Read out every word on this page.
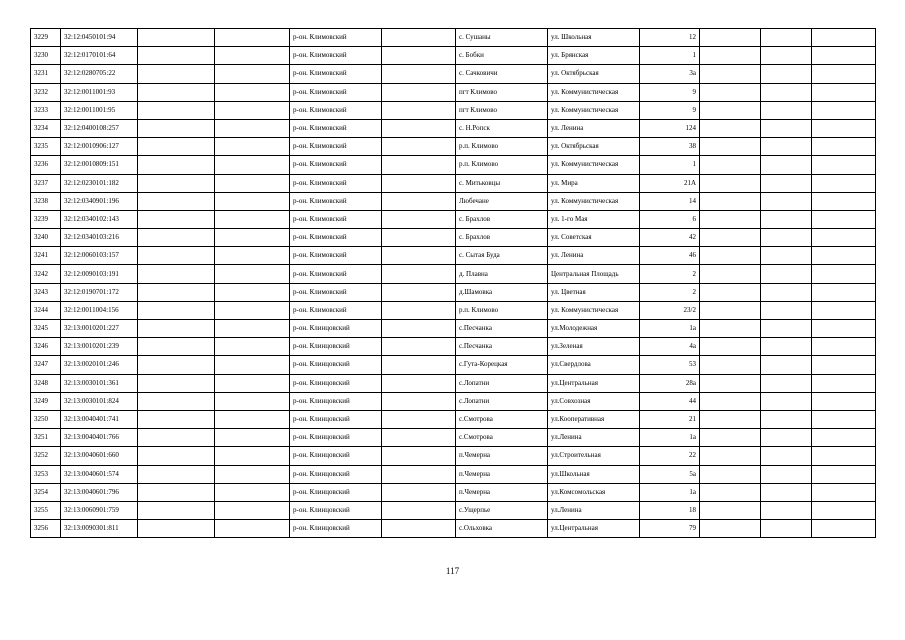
3229	32:12:0450101:94			р-он. Климовский		с. Сушаны	ул. Школьная	12			
3230	32:12:0170101:64			р-он. Климовский		с. Бобки	ул. Брянская	1			
3231	32:12:0280705:22			р-он. Климовский		с. Сачковичи	ул. Октябрьская	3а			
3232	32:12:0011001:93			р-он. Климовский		пгт Климово	ул. Коммунистическая	9			
3233	32:12:0011001:95			р-он. Климовский		пгт Климово	ул. Коммунистическая	9			
3234	32:12:0400108:257			р-он. Климовский		с. Н.Ропск	ул. Ленина	124			
3235	32:12:0010906:127			р-он. Климовский		р.п. Климово	ул. Октябрьская	38			
3236	32:12:0010809:151			р-он. Климовский		р.п. Климово	ул. Коммунистическая	1			
3237	32:12:0230101:182			р-он. Климовский		с. Митьковцы	ул. Мира	21А			
3238	32:12:0340901:196			р-он. Климовский		Любечане	ул. Коммунистическая	14			
3239	32:12:0340102:143			р-он. Климовский		с. Брахлов	ул. 1-го Мая	6			
3240	32:12:0340103:216			р-он. Климовский		с. Брахлов	ул. Советская	42			
3241	32:12:0060103:157			р-он. Климовский		с. Сытая Буда	ул. Ленина	46			
3242	32:12:0090103:191			р-он. Климовский		д. Плавна	Центральная Площадь	2			
3243	32:12:0190701:172			р-он. Климовский		д.Шамовка	ул. Цветная	2			
3244	32:12:0011004:156			р-он. Климовский		р.п. Климово	ул. Коммунистическая	23/2			
3245	32:13:0010201:227			р-он. Клинцовский		с.Песчанка	ул.Молодежная	1а			
3246	32:13:0010201:239			р-он. Клинцовский		с.Песчанка	ул.Зеленая	4а			
3247	32:13:0020101:246			р-он. Клинцовский		с.Гута-Корецкая	ул.Свердлова	53			
3248	32:13:0030101:361			р-он. Клинцовский		с.Лопатни	ул.Центральная	28а			
3249	32:13:0030101:824			р-он. Клинцовский		с.Лопатни	ул.Совхозная	44			
3250	32:13:0040401:741			р-он. Клинцовский		с.Смотрова	ул.Кооперативная	21			
3251	32:13:0040401:766			р-он. Клинцовский		с.Смотрова	ул.Ленина	1а			
3252	32:13:0040601:660			р-он. Клинцовский		п.Чемерна	ул.Строительная	22			
3253	32:13:0040601:574			р-он. Клинцовский		п.Чемерна	ул.Школьная	5а			
3254	32:13:0040601:796			р-он. Клинцовский		п.Чемерна	ул.Комсомольская	1а			
3255	32:13:0060901:759			р-он. Клинцовский		с.Ущерпье	ул.Ленина	18			
3256	32:13:0090301:811			р-он. Клинцовский		с.Ольховка	ул.Центральная	79			
117
